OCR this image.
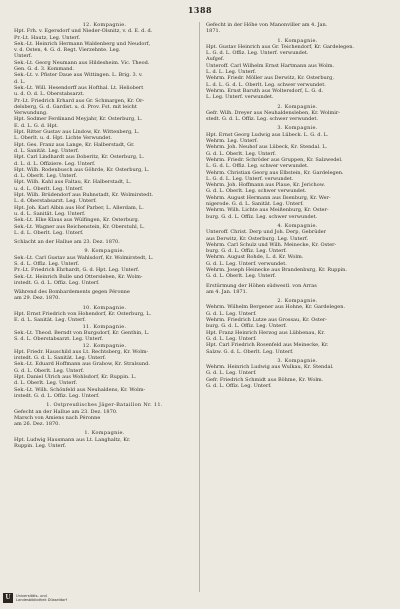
1388
12. Kompagnie.
Hpt. Frh. v. Egersdorf und Nieder-Ölsnitz, v. d. E. d. d.
Pr.-Lt. Hautz, Leg. Unterf.
Sek.-Lt. Heinrich Hermann Waldenberg und Neudorf,
v. d. Osten, 4. G. d. Regt. Vierzehnte. Leg.
Unterf.
Sek.-Lt. Georg Neumann aus Hildesheim. Vic. Theod.
Gen. G. d. 3. Kommand.
Sek.-Lt. v. Pfister Daue aus Wittingen. L. Brig. 3. v.
d. L.
Sek.-Lt. Will. Hesendorff aus Hofthal. Lt. Heliobert
u. d. O. d. L. Oberstabsarzt.
Pr.-Lt. Friedrich Erhard aus Gr. Schmargen, Kr. Or-
delsberg, G. d. Gardist. u. d. Prov. Fst. mit leicht
Verwundung.
Hpt. Sodmer Ferdinand Meyjahr, Kr. Osterburg, L.
E. d. L. G. d. Hpt.
Hpt. Ritter Gustav aus Lindow, Kr. Wittenberg, L.
L. Oberlt. u. d. Hpt. Lichte Verwundet.
Hpt. Ges. Franz aus Lange, Kr. Halberstadt, Gr.
d. L. Sanität. Leg. Unterf.
Hpt. Carl Lindhardt aus Doberitz, Kr. Osterburg, L.
d. L. d. L. Offiziere. Leg. Unterf.
Hpt. Wilh. Rodenbusch aus Göhrde, Kr. Osterburg, L.
d. L. Oberlt. Leg. Unterf.
Hpt. Wilh. Kahl aus Faltau, Kr. Halberstadt, L.
u. d. L. Oberlt. Leg. Unterf.
Hpt. Wilh. Brüdendorf aus Ruhnstadt, Kr. Wolmirstedt.
L. d. Oberstabsarzt. Leg. Unterf.
Hpt. Joh. Karl Albin aus Hof Parber, L. Allerdam, L.
u. d. L. Sanität. Leg. Unterf.
Sek.-Lt. Elke Klaus aus Wülfingen, Kr. Osterburg.
Sek.-Lt. Wagner aus Reichenstein, Kr. Oberstuhl, L.
L. d. L. Oberlt. Leg. Unterf.
Schlacht an der Hallue am 23. Dez. 1870.
9. Kompagnie.
Sek.-Lt. Carl Gustav aus Wahlsdorf, Kr. Wolmirstedt, L.
S. d. L. Offiz. Leg. Unterf.
Pr.-Lt. Friedrich Ehrhardt, G. d. Hpt. Leg. Unterf.
Sek.-Lt. Heinrich Bulle und Ottersleben, Kr. Wolm-
irstedt. G. d. L. Offiz. Leg. Unterf.
Während des Bombardements gegen Péronne
am 29. Dez. 1870.
10. Kompagnie.
Hpt. Ernst Friedrich von Hohendorf, Kr. Osterburg, L.
E. d. L. Sanität. Leg. Unterf.
11. Kompagnie.
Sek.-Lt. Theod. Berndt von Burgsdorf, Kr. Genthin, L.
S. d. L. Oberstabsarzt. Leg. Unterf.
12. Kompagnie.
Hpt. Friedr. Hauschild aus Lt. Rechtsberg, Kr. Wolm-
irstedt. G. d. L. Sanität. Leg. Unterf.
Sek.-Lt. Eduard Hoffmann aus Grabow, Kr. Stralsund.
G. d. L. Oberlt. Leg. Unterf.
Hpt. Daniel Ulrich aus Wohlsdorf, Kr. Ruppin. L.
d. L. Oberlt. Leg. Unterf.
Sek.-Lt. Wilh. Schönfeld aus Neuhaldens, Kr. Wolm-
irstedt. G. d. L. Offiz. Leg. Unterf.
1. Ostpreußisches Jäger-Bataillon Nr. 11.
Gefecht an der Hallue am 23. Dez. 1870.
Marsch von Amiens nach Péronne
am 26. Dez. 1870.
1. Kompagnie.
Hpt. Ludwig Hausmann aus Lt. Langhaltz, Kr.
Ruppin. Leg. Unterf.
Gefecht in der Höhe von Manonviller am 4. Jan.
1871.
1. Kompagnie.
Hpt. Gustav Heinrich aus Gr. Teichendorf, Kr. Gardelegen.
L. G. d. L. Offiz. Leg. Unterf. verwundet.
Aufgef.
Unteroff. Carl Wilhelm Ernst Hartmann aus Wolm.
L. d. L. Leg. Unterf.
Wehrm. Friedr. Möller aus Derwitz, Kr. Osterburg,
L. d. L. G. d. L. Oberlt. Leg. schwer verwundet.
Wehrm. Ernst Baruth aus Woltersdorf, L. G. d.
L. Leg. Unterf. verwundet.
2. Kompagnie.
Gefr. Wilh. Dreyer aus Neuhaldensleben, Kr. Wolmir-
stedt. G. d. L. Offiz. Leg. schwer verwundet.
3. Kompagnie.
Hpt. Ernst Georg Ludwig aus Lübeck. L. G. d. L.
Wehrm. Leg. Unterf.
Wehrm. Joh. Neuhof aus Lübeck, Kr. Stendal. L.
G. d. L. Oberlt. Leg. Unterf.
Wehrm. Friedr. Schröder aus Gruppen, Kr. Salzwedel.
L. G. d. L. Offiz. Leg. schwer verwundet.
Wehrm. Christian Georg aus Elbstein, Kr. Gardelegen.
L. G. d. L. Leg. Unterf. verwundet.
Wehrm. Joh. Hoffmann aus Plaue, Kr. Jerichow.
G. d. L. Oberlt. Leg. schwer verwundet.
Wehrm. August Hermann aus Ilsenburg, Kr. Wer-
nigerode. G. d. L. Sanität. Leg. Unterf.
Wehrm. Wilh. Lichte aus Meißenburg, Kr. Oster-
burg. G. d. L. Offiz. Leg. schwer verwundet.
4. Kompagnie.
Unteroff. Christ. Derp und Joh. Derp, Gebrüder
aus Derwitz, Kr. Osterburg. Leg. Unterf.
Wehrm. Carl Schulz und Wilh. Meinecke, Kr. Oster-
burg. G. d. L. Offiz. Leg. Unterf.
Wehrm. August Rohde, L. d. Kr. Wolm.
G. d. L. Leg. Unterf. verwundet.
Wehrm. Joseph Heinecke aus Brandenburg, Kr. Ruppin.
G. d. L. Oberlt. Leg. Unterf.
Erstürmung der Höhen südwestl. von Arras
am 4. Jan. 1871.
2. Kompagnie.
Wehrm. Wilhelm Bergener aus Hohne, Kr. Gardelegen.
G. d. L. Leg. Unterf.
Wehrm. Friedrich Lutze aus Grossau, Kr. Oster-
burg. G. d. L. Offiz. Leg. Unterf.
Hpt. Franz Heinrich Herzog aus Lübbenau, Kr.
G. d. L. Leg. Unterf.
Hpt. Carl Friedrich Rosenfeld aus Meinecke, Kr.
Salzw. G. d. L. Oberlt. Leg. Unterf.
3. Kompagnie.
Wehrm. Heinrich Ludwig aus Wulkau, Kr. Stendal.
G. d. L. Leg. Unterf.
Gefr. Friedrich Schmidt aus Böhme, Kr. Wolm.
G. d. L. Offiz. Leg. Unterf.
U	Universitäts- und
Landesbibliothek Düsseldorf
